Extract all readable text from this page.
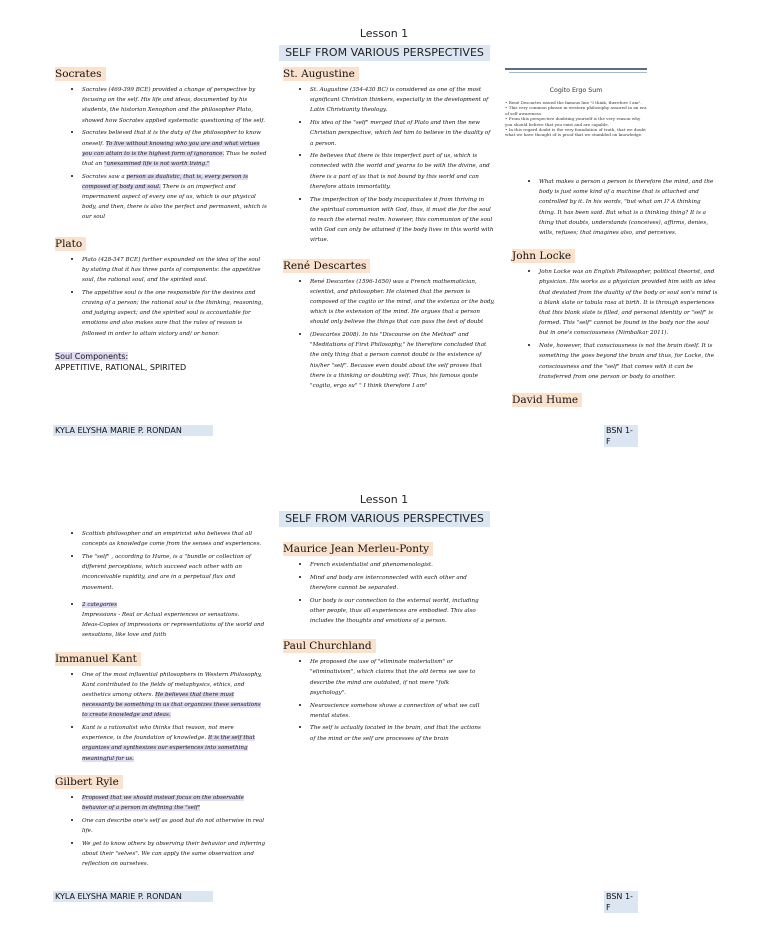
Lesson 1
SELF FROM VARIOUS PERSPECTIVES
Socrates
• Socrates (469-399 BCE) provided a change of perspective by focusing on the self. His life and ideas, documented by his students, the historian Xenophon and the philosopher Plato, showed how Socrates applied systematic questioning of the self.
• Socrates believed that it is the duty of the philosopher to know oneself. To live without knowing who you are and what virtues you can attain to is the highest form of ignorance. Thus he noted that an "unexamined life is not worth living."
• Socrates saw a person as dualistic, that is, every person is composed of body and soul. There is an imperfect and impermanent aspect of every one of us, which is our physical body, and then, there is also the perfect and permanent, which is our soul
Plato
• Plato (428-347 BCE) further expounded on the idea of the soul by stating that it has three parts of components: the appetitive soul, the rational soul, and the spirited soul.
• The appetitive soul is the one responsible for the desires and craving of a person; the rational soul is the thinking, reasoning, and judging aspect; and the spirited soul is accountable for emotions and also makes sure that the rules of reason is followed in order to attain victory and/ or honor.
Soul Components:
APPETITIVE, RATIONAL, SPIRITED
St. Augustine
• St. Augustine (354-430 BC) is considered as one of the most significant Christian thinkers, especially in the development of Latin Christianity theology.
• His idea of the "self" merged that of Plato and then the new Christian perspective, which led him to believe in the duality of a person.
• He believes that there is this imperfect part of us, which is connected with the world and yearns to be with the divine, and there is a part of us that is not bound by this world and can therefore attain immortality.
• The imperfection of the body incapacitates it from thriving in the spiritual communion with God, thus, it must die for the soul to reach the eternal realm. however, this communion of the soul with God can only be attained if the body lives in this world with virtue.
René Descartes
• René Descartes (1596-1650) was a French mathematician, scientist, and philosopher. He claimed that the person is composed of the cogito or the mind, and the extenza or the body, which is the extension of the mind. He argues that a person should only believe the things that can pass the test of doubt
• (Descartes 2008). In his "Discourse on the Method" and "Meditations of First Philosophy," he therefore concluded that the only thing that a person cannot doubt is the existence of his/her "self". Because even doubt about the self proves that there is a thinking or doubting self. Thus, his famous qoute "cogito, ergo su" " I think therefore I am"
Cogito Ergo Sum
• René Descartes issued the famous line "I think, therefore I am".
• This very common phrase in western philosophy assured in an era of self awareness.
• From this perspective doubting yourself is the very reason why you should believe that you exist and are capable.
• In this regard doubt is the very foundation of truth, that we doubt what we have thought of is proof that we stumbled on knowledge.
• What makes a person a person is therefore the mind, and the body is just some kind of a machine that is attached and controlled by it. In his words, "but what am I? A thinking thing. It has been said. But what is a thinking thing? It is a thing that doubts, understands (conceives), affirms, denies, wills, refuses; that imagines also, and perceives.
John Locke
• John Locke was an English Philosopher, political theorist, and physician. His works as a physician provided him with an idea that deviated from the duality of the body or soul son's mind is a blank slate or tabula rasa at birth. It is through experiences that this blank slate is filled, and personal identity or "self" is formed. This "self" cannot be found in the body nor the soul but in one's consciousness (Nimbalkar 2011).
• Note, however, that consciousness is not the brain itself. It is something the goes beyond the brain and thus, for Locke, the consciousness and the "self" that comes with it can be transferred from one person or body to another.
David Hume
KYLA ELYSHA MARIE P. RONDAN	BSN 1-F
Lesson 1
SELF FROM VARIOUS PERSPECTIVES
• Scottish philosopher and an empiricist who believes that all concepts as knowledge come from the senses and experiences.
• The "self" , according to Hume, is a "bundle or collection of different perceptions, which succeed each other with an inconceivable rapidity, and are in a perpetual flux and movement.
• 2 categories
Impressions - Real or Actual experiences or sensations.
Ideas-Copies of impressions or representations of the world and sensations, like love and faith
Immanuel Kant
• One of the most influential philosophers in Western Philosophy, Kant contributed to the fields of metaphysics, ethics, and aesthetics among others. He believes that there must necessarily be something in us that organizes these sensations to create knowledge and ideas.
• Kant is a rationalist who thinks that reason, not mere experience, is the foundation of knowledge. It is the self that organizes and synthesizes our experiences into something meaningful for us.
Gilbert Ryle
• Proposed that we should instead focus on the observable behavior of a person in defining the "self"
• One can describe one's self as good but do not otherwise in real life.
• We get to know others by observing their behavior and inferring about their "selves". We can apply the same observation and reflection on ourselves.
Maurice Jean Merleu-Ponty
• French existentialist and phenomenologist.
• Mind and body are interconnected with each other and therefore cannot be separated.
• Our body is our connection to the external world, including other people, thus all experiences are embodied. This also includes the thoughts and emotions of a person.
Paul Churchland
• He proposed the use of "eliminate materialism" or "eliminativism", which claims that the old terms we use to describe the mind are outdated, if not mere "folk psychology".
• Neuroscience somehow shows a connection of what we call mental states.
• The self is actually located in the brain, and that the actions of the mind or the self are processes of the brain
KYLA ELYSHA MARIE P. RONDAN	BSN 1-F
